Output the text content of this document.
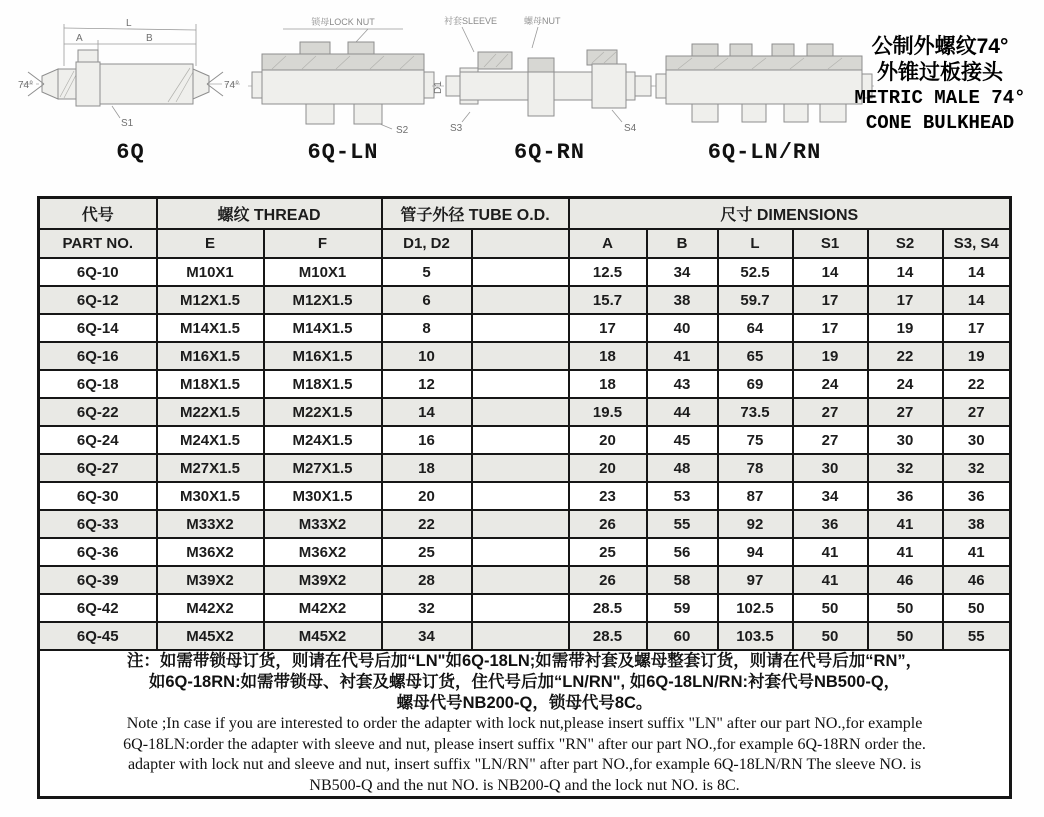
L
A	B
74°	74°
S1
6Q
锁母LOCK NUT
S2
6Q-LN
衬套SLEEVE	螺母NUT
D1
S3	S4
6Q-RN	6Q-LN/RN
公制外螺纹74°
外锥过板接头
METRIC MALE 74°
CONE BULKHEAD
代号	螺纹 THREAD		管子外径 TUBE O.D.		尺寸 DIMENSIONS					
PART NO.	E	F	D1, D2		A	B	L	S1	S2	S3, S4
6Q-10	M10X1	M10X1	5		12.5	34	52.5	14	14	14
6Q-12	M12X1.5	M12X1.5	6		15.7	38	59.7	17	17	14
6Q-14	M14X1.5	M14X1.5	8		17	40	64	17	19	17
6Q-16	M16X1.5	M16X1.5	10		18	41	65	19	22	19
6Q-18	M18X1.5	M18X1.5	12		18	43	69	24	24	22
6Q-22	M22X1.5	M22X1.5	14		19.5	44	73.5	27	27	27
6Q-24	M24X1.5	M24X1.5	16		20	45	75	27	30	30
6Q-27	M27X1.5	M27X1.5	18		20	48	78	30	32	32
6Q-30	M30X1.5	M30X1.5	20		23	53	87	34	36	36
6Q-33	M33X2	M33X2	22		26	55	92	36	41	38
6Q-36	M36X2	M36X2	25		25	56	94	41	41	41
6Q-39	M39X2	M39X2	28		26	58	97	41	46	46
6Q-42	M42X2	M42X2	32		28.5	59	102.5	50	50	50
6Q-45	M45X2	M45X2	34		28.5	60	103.5	50	50	55

注：如需带锁母订货，则请在代号后加“LN"如6Q-18LN;如需带衬套及螺母整套订货，则请在代号后加“RN”，
如6Q-18RN:如需带锁母、衬套及螺母订货，住代号后加“LN/RN", 如6Q-18LN/RN:衬套代号NB500-Q，
螺母代号NB200-Q，锁母代号8C。
Note ;In case if you are interested to order the adapter with lock nut,please insert suffix "LN" after our part NO.,for example
6Q-18LN:order the adapter with sleeve and nut, please insert suffix "RN" after our part NO.,for example 6Q-18RN order the.
adapter with lock nut and sleeve and nut, insert suffix "LN/RN" after part NO.,for example 6Q-18LN/RN The sleeve NO. is
NB500-Q and the nut NO. is NB200-Q and the lock nut NO. is 8C.
